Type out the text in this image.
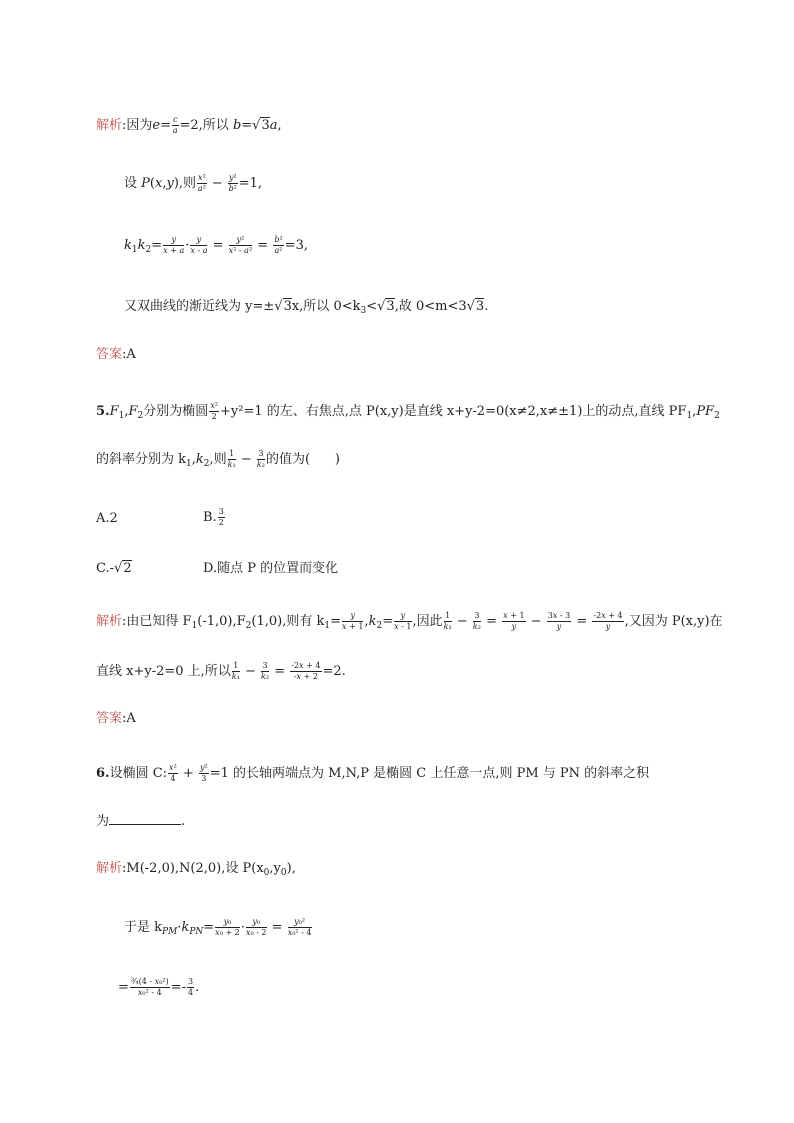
解析:因为$e= \frac{c}{a} =2$,所以 b=√3a,
设 P(x,y),则 $\frac{\text{x²}}{\text{a²}} - \frac{\text{y²}}{\text{b²}} =1$,
$k_1k_2= \frac{y}{x + a} \cdot \frac{y}{x - a} = \frac{\text{y²}}{\text{x² - a²}} = \frac{\text{b²}}{\text{a²}} =3$,
又双曲线的渐近线为 y=±√3x,所以 $0<k_3<√3$,故 0<m<3√3.
答案:A
$5.F_1,F_2$分别为椭圆 $\frac{\text{x²}}{2} +y^2=1$ 的左、右焦点,点 P(x,y)是直线 x+y-2=0(x≠2,x≠±1)上的动点,直线 $PF_1,PF_2$
的斜率分别为 $k_1,k_2$,则 $\frac{1}{\text{k₁}} - \frac{3}{\text{k₂}}$ 的值为( )
A.2	B. $\frac{3}{2}$
C.-√2	D.随点 P 的位置而变化
解析:由已知得 $F_1(-1,0),F_2(1,0)$,则有 $k_1= \frac{y}{x + 1} ,k_2= \frac{y}{x - 1}$ ,因此 $\frac{1}{\text{k₁}} - \frac{3}{\text{k₂}} = \frac{x + 1}{y} - \frac{3x - 3}{y} = \frac{-2x + 4}{y}$ ,又因为 P(x,y)在
直线 x+y-2=0 上,所以 $\frac{1}{\text{k₁}} - \frac{3}{\text{k₂}} = \frac{-2x + 4}{-x + 2} =2$.
答案:A
6.设椭圆 C: $\frac{\text{x²}}{4} + \frac{\text{y²}}{3} =1$ 的长轴两端点为 M,N,P 是椭圆 C 上任意一点,则 PM 与 PN 的斜率之积
为	.
解析:M(-2,0),N(2,0),设 $P(x_0,y_0)$,
于是 $k_{PM}\cdot k_{PN}= \frac{\text{y₀}}{\text{x₀ + 2}} \cdot \frac{\text{y₀}}{\text{x₀ - 2}} = \frac{\text{y₀²}}{\text{x₀² - 4}}$
= $\frac{\text{¾(4 - x₀²)}}{\text{x₀² - 4}} =- \frac{3}{4}$ .
